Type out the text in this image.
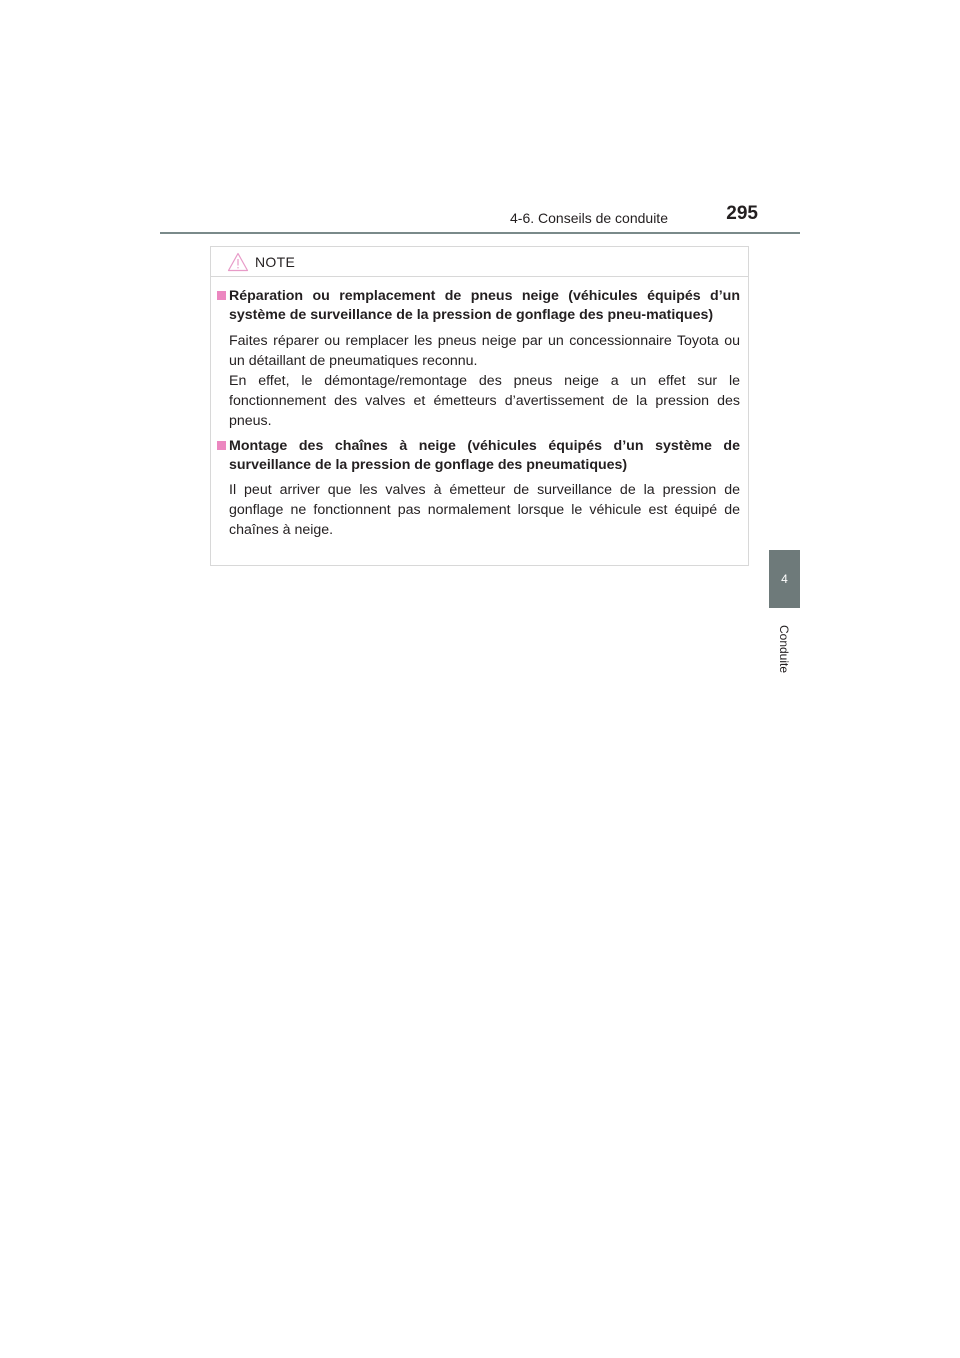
4-6. Conseils de conduite	295
4
Conduite
NOTE
Réparation ou remplacement de pneus neige (véhicules équipés d’un système de surveillance de la pression de gonflage des pneu-matiques)

Faites réparer ou remplacer les pneus neige par un concessionnaire Toyota ou un détaillant de pneumatiques reconnu.

En effet, le démontage/remontage des pneus neige a un effet sur le fonctionnement des valves et émetteurs d’avertissement de la pression des pneus.

Montage des chaînes à neige (véhicules équipés d’un système de surveillance de la pression de gonflage des pneumatiques)

Il peut arriver que les valves à émetteur de surveillance de la pression de gonflage ne fonctionnent pas normalement lorsque le véhicule est équipé de chaînes à neige.
